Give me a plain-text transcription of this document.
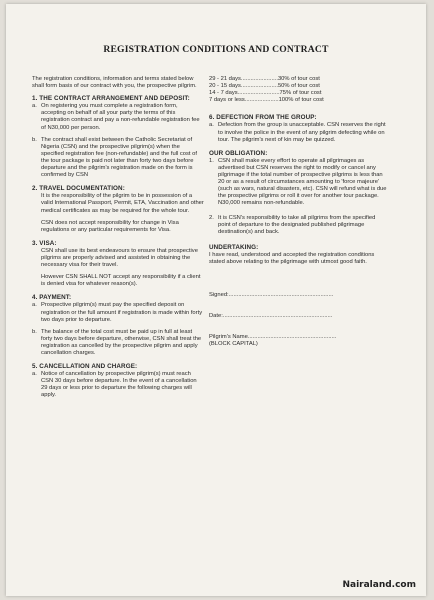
REGISTRATION CONDITIONS AND CONTRACT

The registration conditions, information and terms stated below shall form basis of our contract with you, the prospective pilgrim.

1. THE CONTRACT ARRANGEMENT AND DEPOSIT:
a. On registering you must complete a registration form, accepting on behalf of all your party the terms of this registration contract and pay a non-refundable registration fee of N30,000 per person.
b. The contract shall exist between the Catholic Secretariat of Nigeria (CSN) and the prospective pilgrim(s) when the specified registration fee (non-refundable) and the full cost of the tour package is paid not later than forty two days before departure and the pilgrim's registration made on the form is confirmed by CSN
2. TRAVEL DOCUMENTATION:
It is the responsibility of the pilgrim to be in possession of a valid International Passport, Permit, ETA, Vaccination and other medical certificates as may be required for the whole tour.
CSN does not accept responsibility for change in Visa regulations or any particular requirements for Visa.
3. VISA:
CSN shall use its best endeavours to ensure that prospective pilgrims are properly advised and assisted in obtaining the necessary visa for their travel.
However CSN SHALL NOT accept any responsibility if a client is denied visa for whatever reason(s).
4. PAYMENT:
a. Prospective pilgrim(s) must pay the specified deposit on registration or the full amount if registration is made within forty two days prior to departure.
b. The balance of the total cost must be paid up in full at least forty two days before departure, otherwise, CSN shall treat the registration as cancelled by the prospective pilgrim and apply cancellation charges.
5. CANCELLATION AND CHARGE:
a. Notice of cancellation by prospective pilgrim(s) must reach CSN 30 days before departure. In the event of a cancellation 29 days or less prior to departure the following charges will apply.

29 - 21 days.......................30% of tour cost

20 - 15 days.......................50% of tour cost

14 - 7 days..........................75% of tour cost

7 days or less.....................100% of tour cost

6. DEFECTION FROM THE GROUP:
a. Defection from the group is unacceptable. CSN reserves the right to involve the police in the event of any pilgrim defecting while on tour. The pilgrim's next of kin may be quizzed.
OUR OBLIGATION:
1. CSN shall make every effort to operate all pilgrimages as advertised but CSN reserves the right to modify or cancel any pilgrimage if the total number of prospective pilgrims is less than 20 or as a result of circumstances amounting to 'force majeure' (such as wars, natural disasters, etc). CSN will refund what is due the prospective pilgrims or roll it over for another tour package. N30,000 remains non-refundable.
2. It is CSN's responsibility to take all pilgrims from the specified point of departure to the designated published pilgrimage destination(s) and back.
UNDERTAKING:

I have read, understood and accepted the registration conditions stated above relating to the pilgrimage with utmost good faith.

Signed:.................................................................

Date:....................................................................

Pilgrim's Name.......................................................

(BLOCK CAPITAL)

Nairaland.com
